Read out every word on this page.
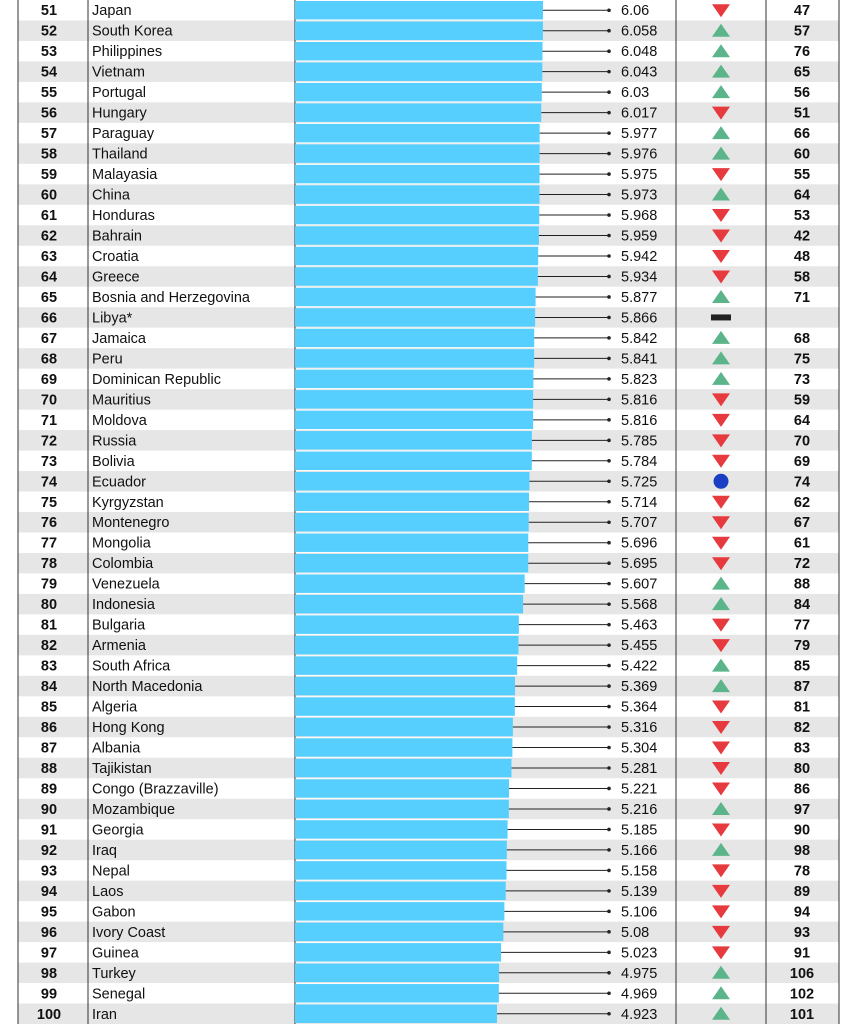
51 Japan	6.06	47
52 South Korea	6.058	57
53 Philippines	6.048	76
54 Vietnam	6.043	65
55 Portugal	6.03	56
56 Hungary	6.017	51
57 Paraguay	5.977	66
58 Thailand	5.976	60
59 Malayasia	5.975	55
60 China	5.973	64
61 Honduras	5.968	53
62 Bahrain	5.959	42
63 Croatia	5.942	48
64 Greece	5.934	58
65 Bosnia and Herzegovina	5.877	71
66 Libya*	5.866
67 Jamaica	5.842	68
68 Peru	5.841	75
69 Dominican Republic	5.823	73
70 Mauritius	5.816	59
71 Moldova	5.816	64
72 Russia	5.785	70
73 Bolivia	5.784	69
74 Ecuador	5.725	74
75 Kyrgyzstan	5.714	62
76 Montenegro	5.707	67
77 Mongolia	5.696	61
78 Colombia	5.695	72
79 Venezuela	5.607	88
80 Indonesia	5.568	84
81 Bulgaria	5.463	77
82 Armenia	5.455	79
83 South Africa	5.422	85
84 North Macedonia	5.369	87
85 Algeria	5.364	81
86 Hong Kong	5.316	82
87 Albania	5.304	83
88 Tajikistan	5.281	80
89 Congo (Brazzaville)	5.221	86
90 Mozambique	5.216	97
91 Georgia	5.185	90
92 Iraq	5.166	98
93 Nepal	5.158	78
94 Laos	5.139	89
95 Gabon	5.106	94
96 Ivory Coast	5.08	93
97 Guinea	5.023	91
98 Turkey	4.975	106
99 Senegal	4.969	102
100 Iran	4.923	101
